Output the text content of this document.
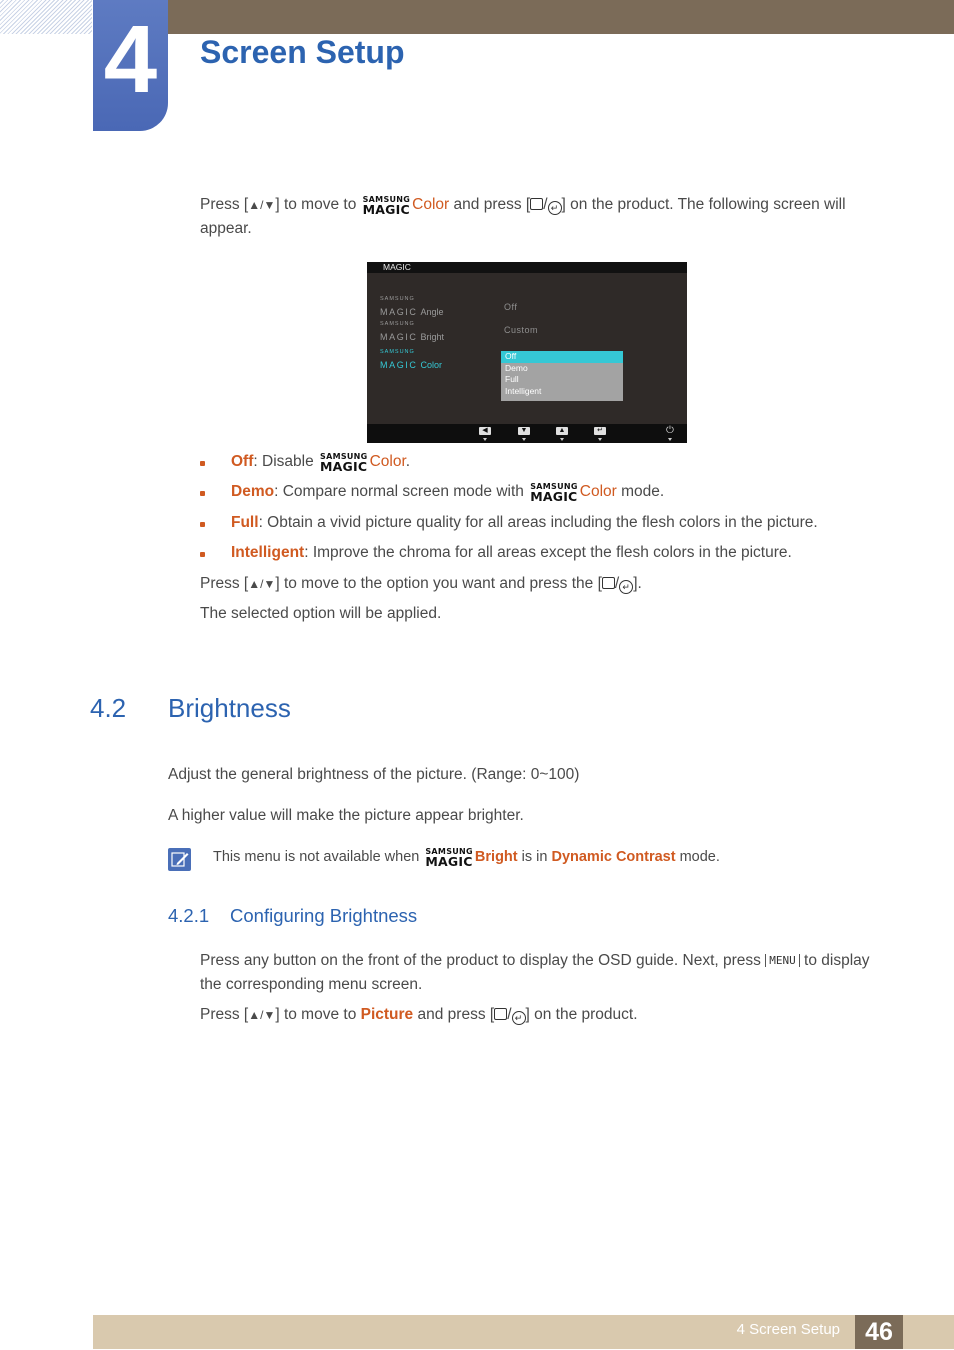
4	Screen Setup
Press [▲/▼] to move to SAMSUNG
MAGIC Color and press [ / ↵ ] on the product. The following screen will appear.
MAGIC
SAMSUNG
MAGIC Angle	Off
SAMSUNG
MAGIC Bright
Custom
SAMSUNG
MAGIC Color
Off
Demo
Full
Intelligent
◀	▼	▲	↵	⏻
Off: Disable SAMSUNG
MAGIC Color.
Demo: Compare normal screen mode with SAMSUNG
MAGIC Color mode.
Full: Obtain a vivid picture quality for all areas including the flesh colors in the picture.
Intelligent: Improve the chroma for all areas except the flesh colors in the picture.
Press [▲/▼] to move to the option you want and press the [ / ↵ ].
The selected option will be applied.
4.2 Brightness
Adjust the general brightness of the picture. (Range: 0~100)
A higher value will make the picture appear brighter.
This menu is not available when SAMSUNG
MAGIC Bright is in Dynamic Contrast mode.
4.2.1 Configuring Brightness
Press any button on the front of the product to display the OSD guide. Next, press MENU to display the corresponding menu screen.
Press [▲/▼] to move to Picture and press [ / ↵ ] on the product.
4 Screen Setup	46
